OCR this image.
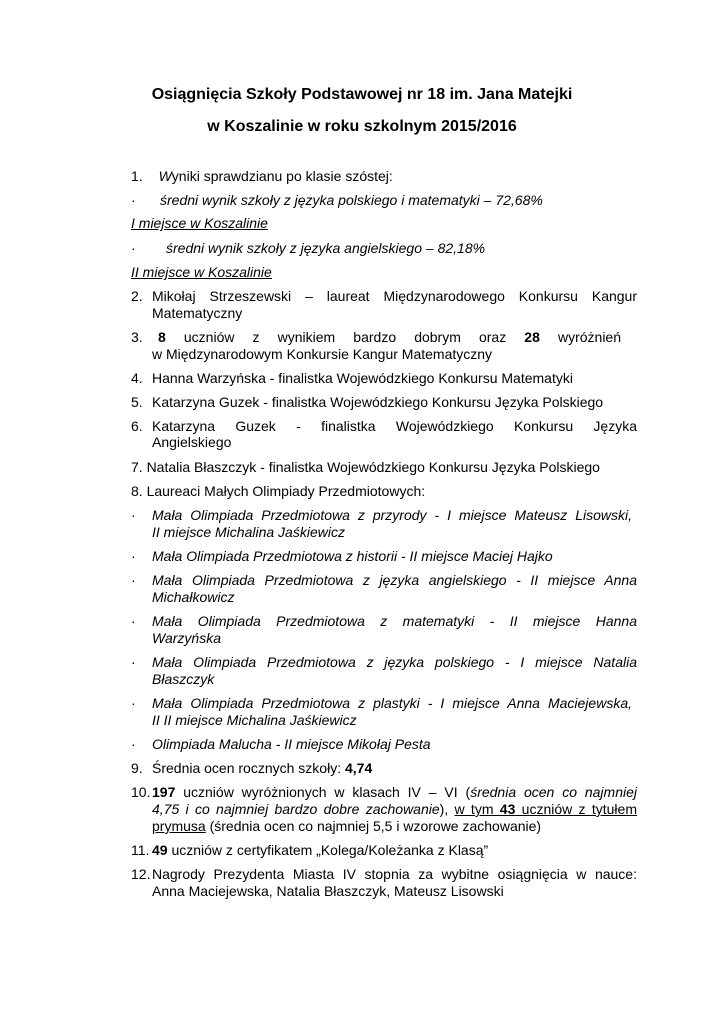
Osiągnięcia Szkoły Podstawowej nr 18 im. Jana Matejki
w Koszalinie w roku szkolnym 2015/2016
1. Wyniki sprawdzianu po klasie szóstej:
· średni wynik szkoły z języka polskiego i matematyki – 72,68%
I miejsce w Koszalinie
· średni wynik szkoły z języka angielskiego – 82,18%
II miejsce w Koszalinie
2. Mikołaj Strzeszewski – laureat Międzynarodowego Konkursu Kangur
Matematyczny
3. 8 uczniów z wynikiem bardzo dobrym oraz 28 wyróżnień
w Międzynarodowym Konkursie Kangur Matematyczny
4. Hanna Warzyńska - finalistka Wojewódzkiego Konkursu Matematyki
5. Katarzyna Guzek - finalistka Wojewódzkiego Konkursu Języka Polskiego
6. Katarzyna Guzek - finalistka Wojewódzkiego Konkursu Języka
Angielskiego
7. Natalia Błaszczyk - finalistka Wojewódzkiego Konkursu Języka Polskiego
8. Laureaci Małych Olimpiady Przedmiotowych:
· Mała Olimpiada Przedmiotowa z przyrody - I miejsce Mateusz Lisowski,
II miejsce Michalina Jaśkiewicz
· Mała Olimpiada Przedmiotowa z historii - II miejsce Maciej Hajko
· Mała Olimpiada Przedmiotowa z języka angielskiego - II miejsce Anna
Michałkowicz
· Mała Olimpiada Przedmiotowa z matematyki - II miejsce Hanna
Warzyńska
· Mała Olimpiada Przedmiotowa z języka polskiego - I miejsce Natalia
Błaszczyk
· Mała Olimpiada Przedmiotowa z plastyki - I miejsce Anna Maciejewska,
II II miejsce Michalina Jaśkiewicz
· Olimpiada Malucha - II miejsce Mikołaj Pesta
9. Średnia ocen rocznych szkoły: 4,74
10. 197 uczniów wyróżnionych w klasach IV – VI (średnia ocen co najmniej
4,75 i co najmniej bardzo dobre zachowanie), w tym 43 uczniów z tytułem
prymusa (średnia ocen co najmniej 5,5 i wzorowe zachowanie)
11. 49 uczniów z certyfikatem „Kolega/Koleżanka z Klasą”
12. Nagrody Prezydenta Miasta IV stopnia za wybitne osiągnięcia w nauce:
Anna Maciejewska, Natalia Błaszczyk, Mateusz Lisowski
